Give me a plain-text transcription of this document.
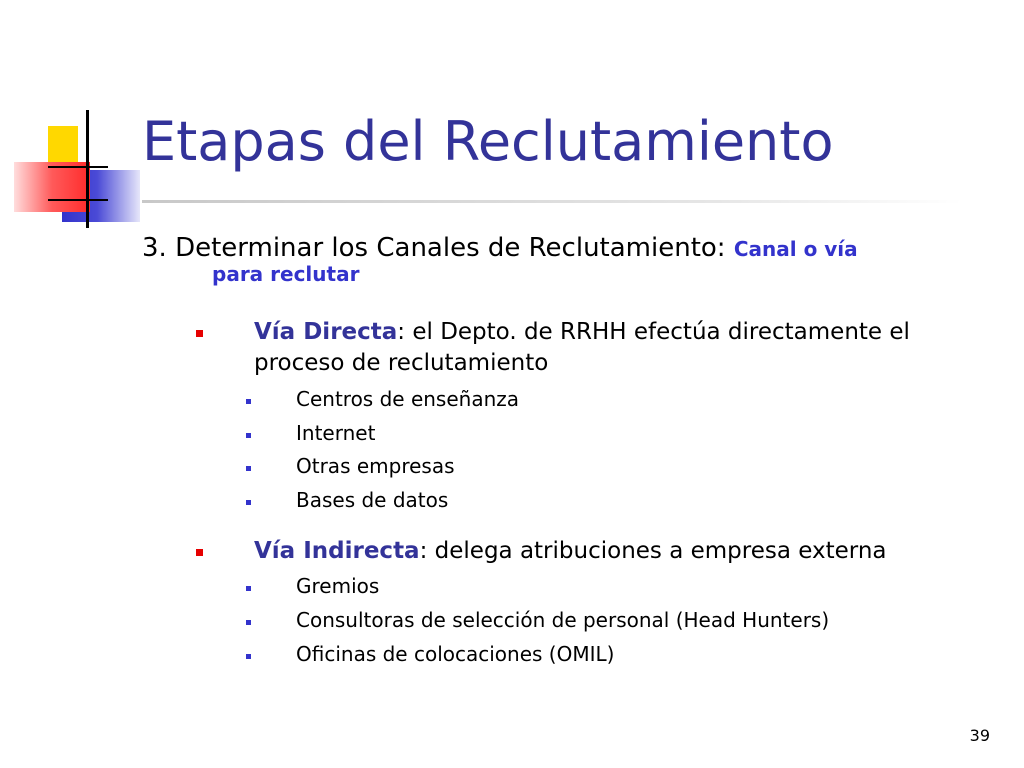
Etapas del Reclutamiento
3. Determinar los Canales de Reclutamiento: Canal o vía
para reclutar
Vía Directa: el Depto. de RRHH efectúa directamente el proceso de reclutamiento
Centros de enseñanza
Internet
Otras empresas
Bases de datos
Vía Indirecta: delega atribuciones a empresa externa
Gremios
Consultoras de selección de personal (Head Hunters)
Oficinas de colocaciones (OMIL)
39
